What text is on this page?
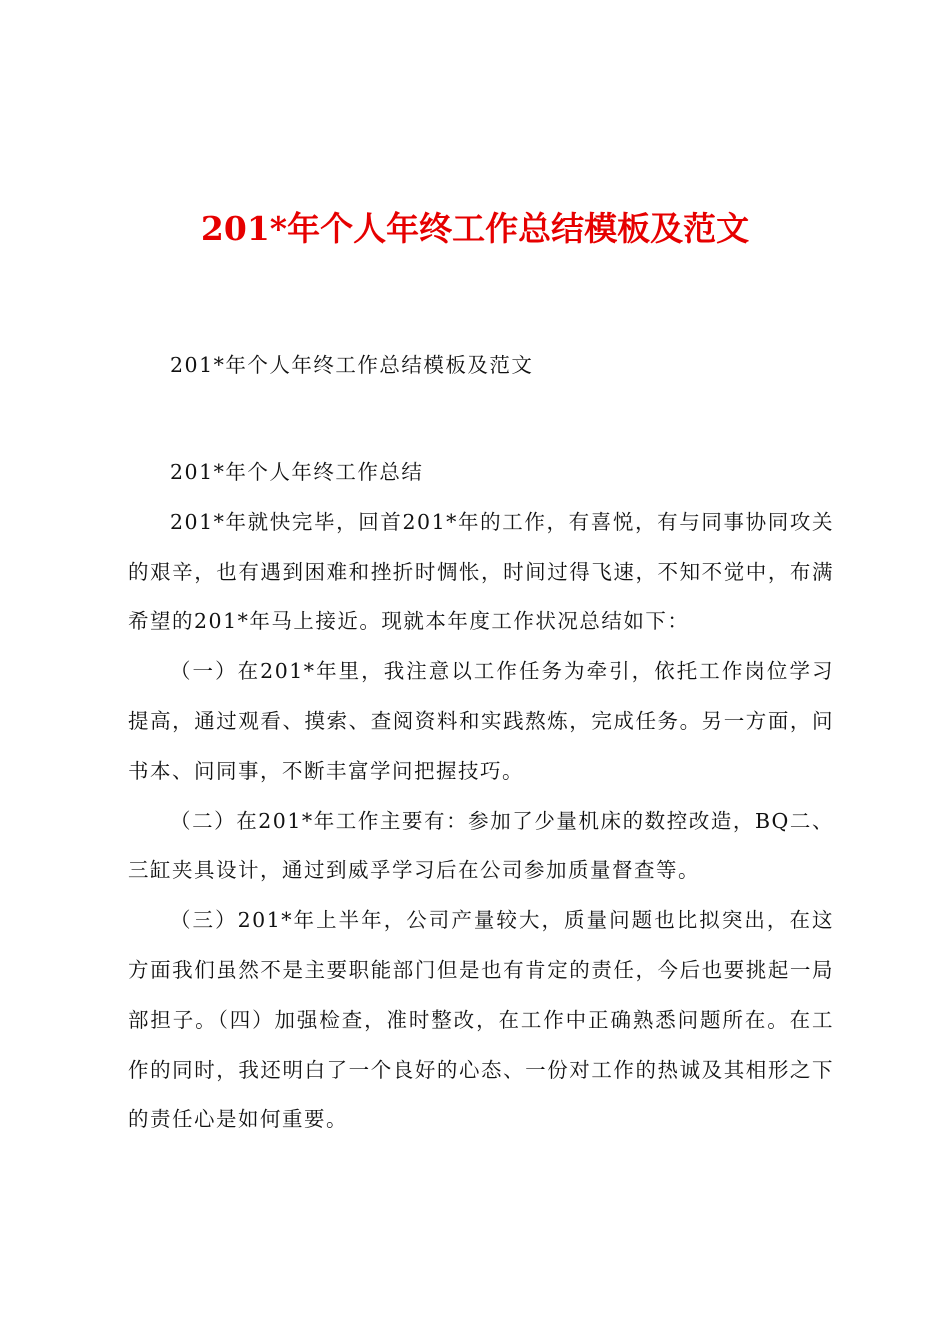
201*年个人年终工作总结模板及范文

201*年个人年终工作总结模板及范文

201*年个人年终工作总结

201*年就快完毕，回首201*年的工作，有喜悦，有与同事协同攻关的艰辛，也有遇到困难和挫折时惆怅，时间过得飞速，不知不觉中，布满希望的201*年马上接近。现就本年度工作状况总结如下：

（一）在201*年里，我注意以工作任务为牵引，依托工作岗位学习提高，通过观看、摸索、查阅资料和实践熬炼，完成任务。另一方面，问书本、问同事，不断丰富学问把握技巧。

（二）在201*年工作主要有：参加了少量机床的数控改造，BQ二、三缸夹具设计，通过到威孚学习后在公司参加质量督查等。

（三）201*年上半年，公司产量较大，质量问题也比拟突出，在这方面我们虽然不是主要职能部门但是也有肯定的责任，今后也要挑起一局部担子。（四）加强检查，准时整改，在工作中正确熟悉问题所在。在工作的同时，我还明白了一个良好的心态、一份对工作的热诚及其相形之下的责任心是如何重要。
